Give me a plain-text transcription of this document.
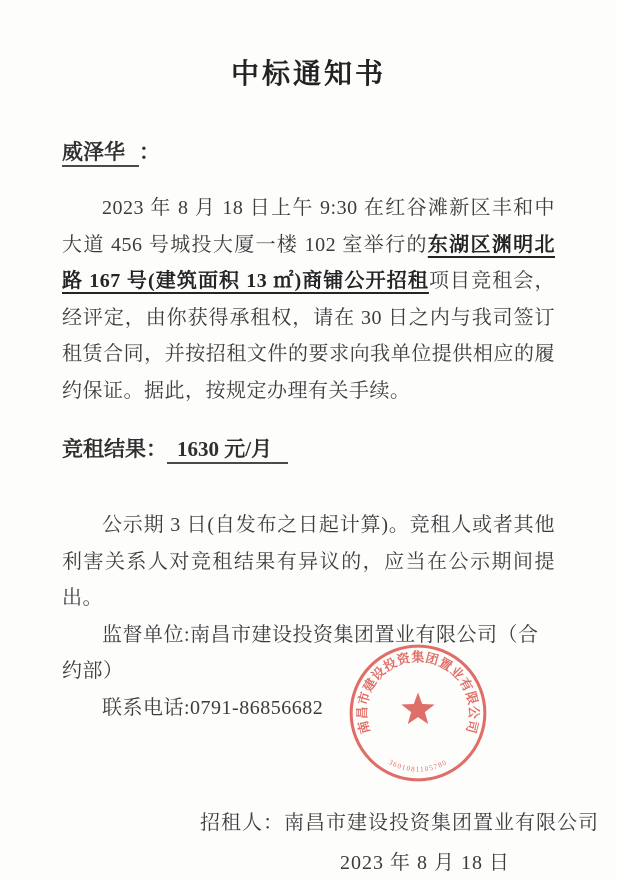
中标通知书
威泽华 ：

2023 年 8 月 18 日上午 9:30 在红谷滩新区丰和中大道 456 号城投大厦一楼 102 室举行的东湖区渊明北路 167 号(建筑面积 13 ㎡)商铺公开招租项目竞租会，经评定，由你获得承租权，请在 30 日之内与我司签订租赁合同，并按招租文件的要求向我单位提供相应的履约保证。据此，按规定办理有关手续。

竞租结果： 1630 元/月

公示期 3 日(自发布之日起计算)。竞租人或者其他利害关系人对竞租结果有异议的，应当在公示期间提出。

监督单位:南昌市建设投资集团置业有限公司（合约部）
联系电话:0791-86856682
招租人：南昌市建设投资集团置业有限公司
2023 年 8 月 18 日
南昌市建设投资集团置业有限公司
3601081105780
